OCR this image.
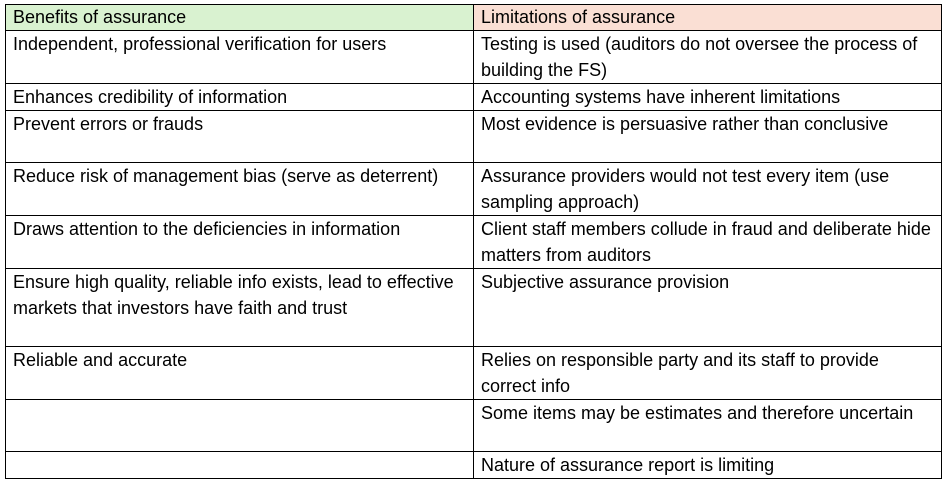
Benefits of assurance	Limitations of assurance
Independent, professional verification for users	Testing is used (auditors do not oversee the process of building the FS)
Enhances credibility of information	Accounting systems have inherent limitations
Prevent errors or frauds	Most evidence is persuasive rather than conclusive
Reduce risk of management bias (serve as deterrent)	Assurance providers would not test every item (use sampling approach)
Draws attention to the deficiencies in information	Client staff members collude in fraud and deliberate hide matters from auditors
Ensure high quality, reliable info exists, lead to effective markets that investors have faith and trust	Subjective assurance provision
Reliable and accurate	Relies on responsible party and its staff to provide correct info
	Some items may be estimates and therefore uncertain
	Nature of assurance report is limiting
